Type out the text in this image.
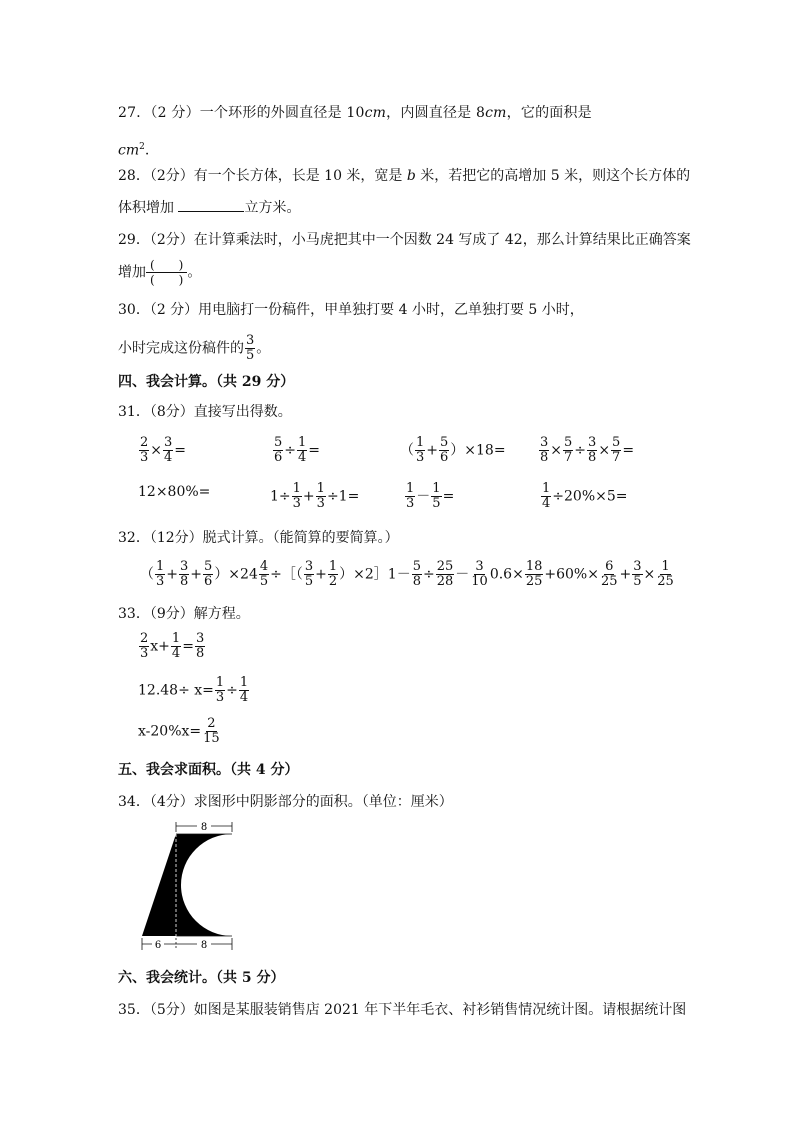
27．（2 分）一个环形的外圆直径是 10cm，内圆直径是 8cm，它的面积是
$cm^2$.
28．（2分）有一个长方体，长是 10 米，宽是 b 米，若把它的高增加 5 米，则这个长方体的
体积增加	立方米。
29．（2分）在计算乘法时，小马虎把其中一个因数 24 写成了 42，那么计算结果比正确答案
增加 (　　)
(　　) 。
30．（2 分）用电脑打一份稿件，甲单独打要 4 小时，乙单独打要 5 小时，
小时完成这份稿件的 $\frac{3}{5}$ 。
四、我会计算。（共 29 分）
31．（8分）直接写出得数。
$\frac{2}{3} \times \frac{3}{4}$ =	$\frac{5}{6} \div \frac{1}{4}$ =	（ $\frac{1}{3} + \frac{5}{6} )\times 18=$	$\frac{3}{8} \times \frac{5}{7} \div \frac{3}{8} \times \frac{5}{7}$ =
12×80%=	$1\div \frac{1}{3} + \frac{1}{3} \div 1=$	$\frac{1}{3} - \frac{1}{5}$ =	$\frac{1}{4} \div 20\%\times 5=$
32．（12分）脱式计算。（能简算的要简算。）
（ $\frac{1}{3} + \frac{3}{8} + \frac{5}{6} )\times 24 \frac{4}{5}$ ÷［（ $\frac{3}{5} + \frac{1}{2}$ ）×2］1－ $\frac{5}{8} \div \frac{25}{28} - \frac{3}{10} 0.6\times \frac{18}{25} +60\%\times \frac{6}{25} + \frac{3}{5} \times \frac{1}{25}$
33．（9分）解方程。
$\frac{2}{3} x+ \frac{1}{4} = \frac{3}{8}$
$12.48\div x= \frac{1}{3} \div \frac{1}{4}$
$x-20\%x= \frac{2}{15}$
五、我会求面积。（共 4 分）
34．（4分）求图形中阴影部分的面积。（单位：厘米）
8
6	8
六、我会统计。（共 5 分）
35．（5分）如图是某服装销售店 2021 年下半年毛衣、衬衫销售情况统计图。请根据统计图
